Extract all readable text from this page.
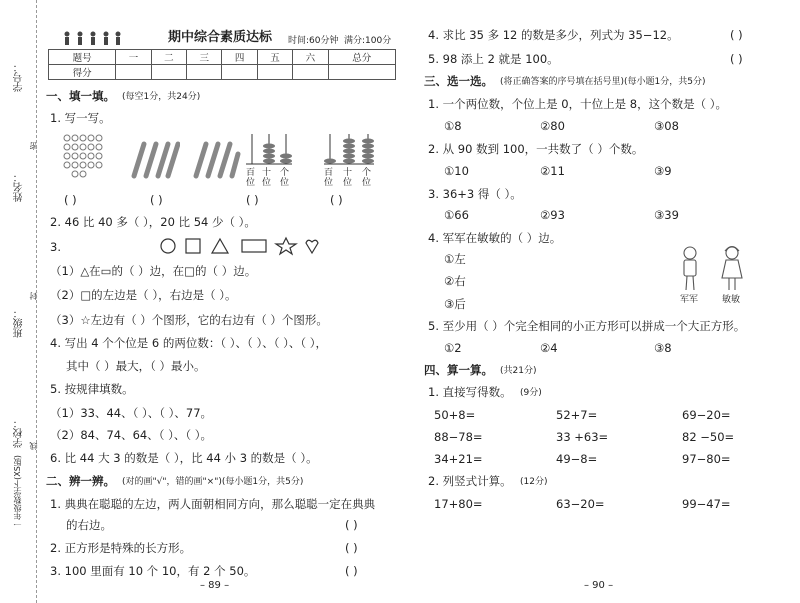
学号：
姓名：
班级：
学校：
一年级数学下(XS版)
密
封
线
期中综合素质达标 时间:60分钟 满分:100分
题号	一	二	三	四	五	六	总分
得分							
一、填一填。 (每空1分，共24分)
1. 写一写。
百 十 个
位 位 位
百 十 个
位 位 位
( )	( )	( )	( )
2. 46 比 40 多（ ），20 比 54 少（ ）。
3.
（1）△在▭的（ ）边，在□的（ ）边。
（2）□的左边是（ ），右边是（ ）。
（3）☆左边有（ ）个图形，它的右边有（ ）个图形。
4. 写出 4 个个位是 6 的两位数：（ ）、（ ）、（ ）、（ ），
其中（ ）最大，（ ）最小。
5. 按规律填数。
（1）33、44、（ ）、（ ）、77。
（2）84、74、64、（ ）、（ ）。
6. 比 44 大 3 的数是（ ），比 44 小 3 的数是（ ）。
二、辨一辨。 (对的画"√"，错的画"×")(每小题1分，共5分)
1. 典典在聪聪的左边，两人面朝相同方向，那么聪聪一定在典典
的右边。	( )
2. 正方形是特殊的长方形。	( )
3. 100 里面有 10 个 10，有 2 个 50。	( )
– 89 –
4. 求比 35 多 12 的数是多少，列式为 35−12。	( )
5. 98 添上 2 就是 100。	( )
三、选一选。 (将正确答案的序号填在括号里)(每小题1分，共5分)
1. 一个两位数，个位上是 0，十位上是 8，这个数是（ ）。
①8	②80	③08
2. 从 90 数到 100，一共数了（ ）个数。
①10	②11	③9
3. 36+3 得（ ）。
①66	②93	③39
4. 军军在敏敏的（ ）边。
①左
②右
③后	军军	敏敏
5. 至少用（ ）个完全相同的小正方形可以拼成一个大正方形。
①2	②4	③8
四、算一算。 (共21分)
1. 直接写得数。 (9分)
50+8=	52+7=	69−20=
88−78=	33 +63=	82 −50=
34+21=	49−8=	97−80=
2. 列竖式计算。 (12分)
17+80=	63−20=	99−47=
– 90 –
